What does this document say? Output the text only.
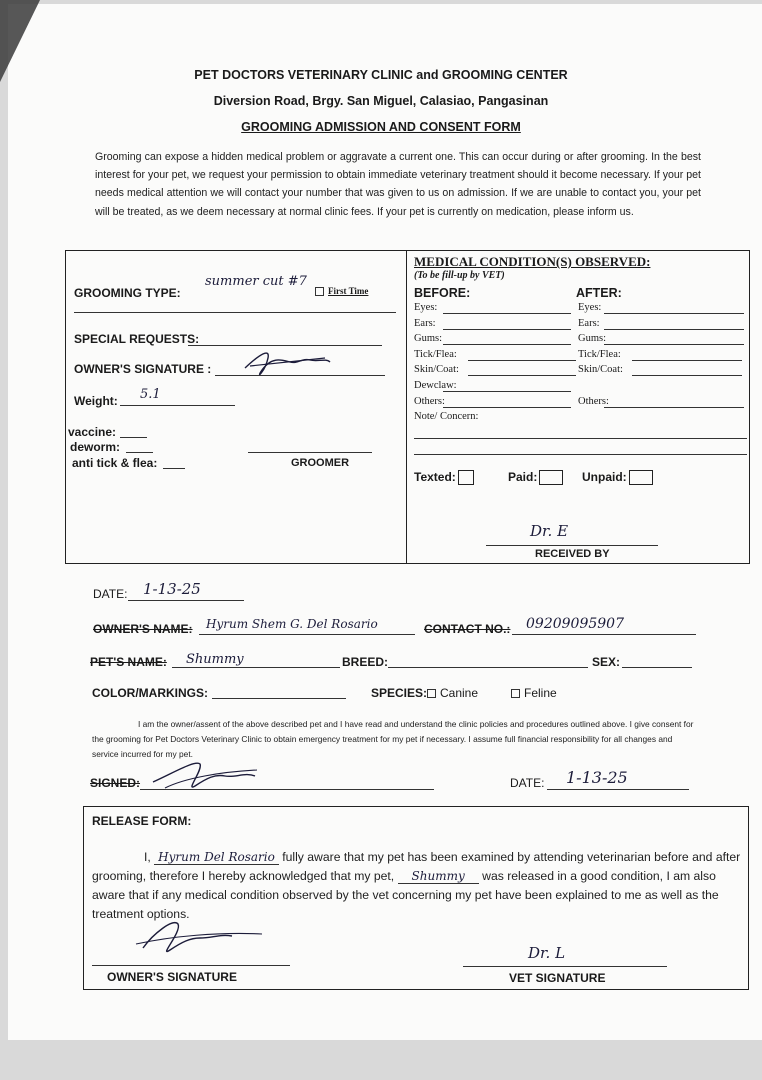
PET DOCTORS VETERINARY CLINIC and GROOMING CENTER
Diversion Road, Brgy. San Miguel, Calasiao, Pangasinan
GROOMING ADMISSION AND CONSENT FORM
Grooming can expose a hidden medical problem or aggravate a current one. This can occur during or after grooming. In the best interest for your pet, we request your permission to obtain immediate veterinary treatment should it become necessary. If your pet needs medical attention we will contact your number that was given to us on admission. If we are unable to contact you, your pet will be treated, as we deem necessary at normal clinic fees. If your pet is currently on medication, please inform us.
GROOMING TYPE:
summer cut #7
First Time
SPECIAL REQUESTS:
OWNER'S SIGNATURE :
Weight: 5.1
vaccine:
deworm:
anti tick & flea:	GROOMER
MEDICAL CONDITION(S) OBSERVED:
(To be fill-up by VET)
BEFORE:	AFTER:
Eyes:	Eyes:
Ears:	Ears:
Gums:	Gums:
Tick/Flea:	Tick/Flea:
Skin/Coat:	Skin/Coat:
Dewclaw:
Others:	Others:
Note/ Concern:
Texted:	Paid:	Unpaid:
Dr. E
RECEIVED BY
DATE: 1-13-25
OWNER'S NAME: Hyrum Shem G. Del Rosario	CONTACT NO.: 09209095907
PET'S NAME: Shummy	BREED:	SEX:
COLOR/MARKINGS:	SPECIES:	Canine	Feline
I am the owner/assent of the above described pet and I have read and understand the clinic policies and procedures outlined above. I give consent for the grooming for Pet Doctors Veterinary Clinic to obtain emergency treatment for my pet if necessary. I assume full financial responsibility for all changes and service incurred for my pet.
SIGNED:	DATE: 1-13-25
RELEASE FORM:
I, Hyrum Del Rosario fully aware that my pet has been examined by attending veterinarian before and after grooming, therefore I hereby acknowledged that my pet, Shummy was released in a good condition, I am also aware that if any medical condition observed by the vet concerning my pet have been explained to me as well as the treatment options.
OWNER'S SIGNATURE
Dr. L
VET SIGNATURE
